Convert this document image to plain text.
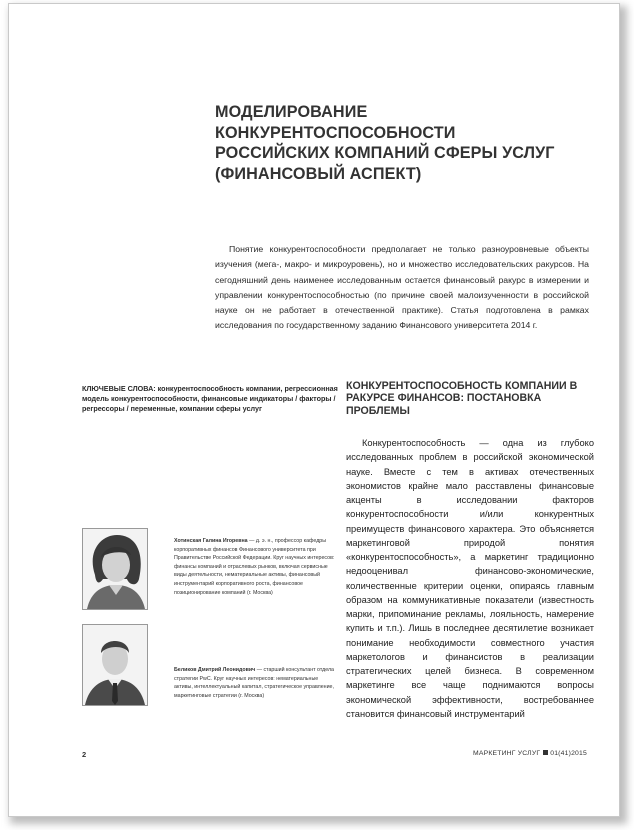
МОДЕЛИРОВАНИЕ
КОНКУРЕНТОСПОСОБНОСТИ
РОССИЙСКИХ КОМПАНИЙ СФЕРЫ УСЛУГ
(ФИНАНСОВЫЙ АСПЕКТ)

Понятие конкурентоспособности предполагает не только разноуровневые объекты изучения (мега-, макро- и микроуровень), но и множество исследовательских ракурсов. На сегодняшний день наименее исследованным остается финансовый ракурс в измерении и управлении конкурентоспособностью (по причине своей малоизученности в российской науке он не работает в отечественной практике). Статья подготовлена в рамках исследования по государственному заданию Финансового университета 2014 г.

КЛЮЧЕВЫЕ СЛОВА: конкурентоспособность компании, регрессионная модель конкурентоспособности, финансовые индикаторы / факторы / регрессоры / переменные, компании сферы услуг

КОНКУРЕНТОСПОСОБНОСТЬ КОМПАНИИ В РАКУРСЕ ФИНАНСОВ: ПОСТАНОВКА ПРОБЛЕМЫ

Конкурентоспособность — одна из глубоко исследованных проблем в российской экономической науке. Вместе с тем в активах отечественных экономистов крайне мало расставлены финансовые акценты в исследовании факторов конкурентоспособности и/или конкурентных преимуществ финансового характера. Это объясняется маркетинговой природой понятия «конкурентоспособность», а маркетинг традиционно недооценивал финансово-экономические, количественные критерии оценки, опираясь главным образом на коммуникативные показатели (известность марки, припоминание рекламы, лояльность, намерение купить и т.п.). Лишь в последнее десятилетие возникает понимание необходимости совместного участия маркетологов и финансистов в реализации стратегических целей бизнеса. В современном маркетинге все чаще поднимаются вопросы экономической эффективности, востребованнее становится финансовый инструментарий

Хотинская Галина Игоревна — д. э. н., профессор кафедры корпоративных финансов Финансового университета при Правительстве Российской Федерации. Круг научных интересов: финансы компаний и отраслевых рынков, включая сервисные виды деятельности, нематериальные активы, финансовый инструментарий корпоративного роста, финансовое позиционирование компаний (г. Москва)

Беликов Дмитрий Леонидович — старший консультант отдела стратегии PwC. Круг научных интересов: нематериальные активы, интеллектуальный капитал, стратегическое управление, маркетинговые стратегии (г. Москва)

2	МАРКЕТИНГ УСЛУГ 01(41)2015
